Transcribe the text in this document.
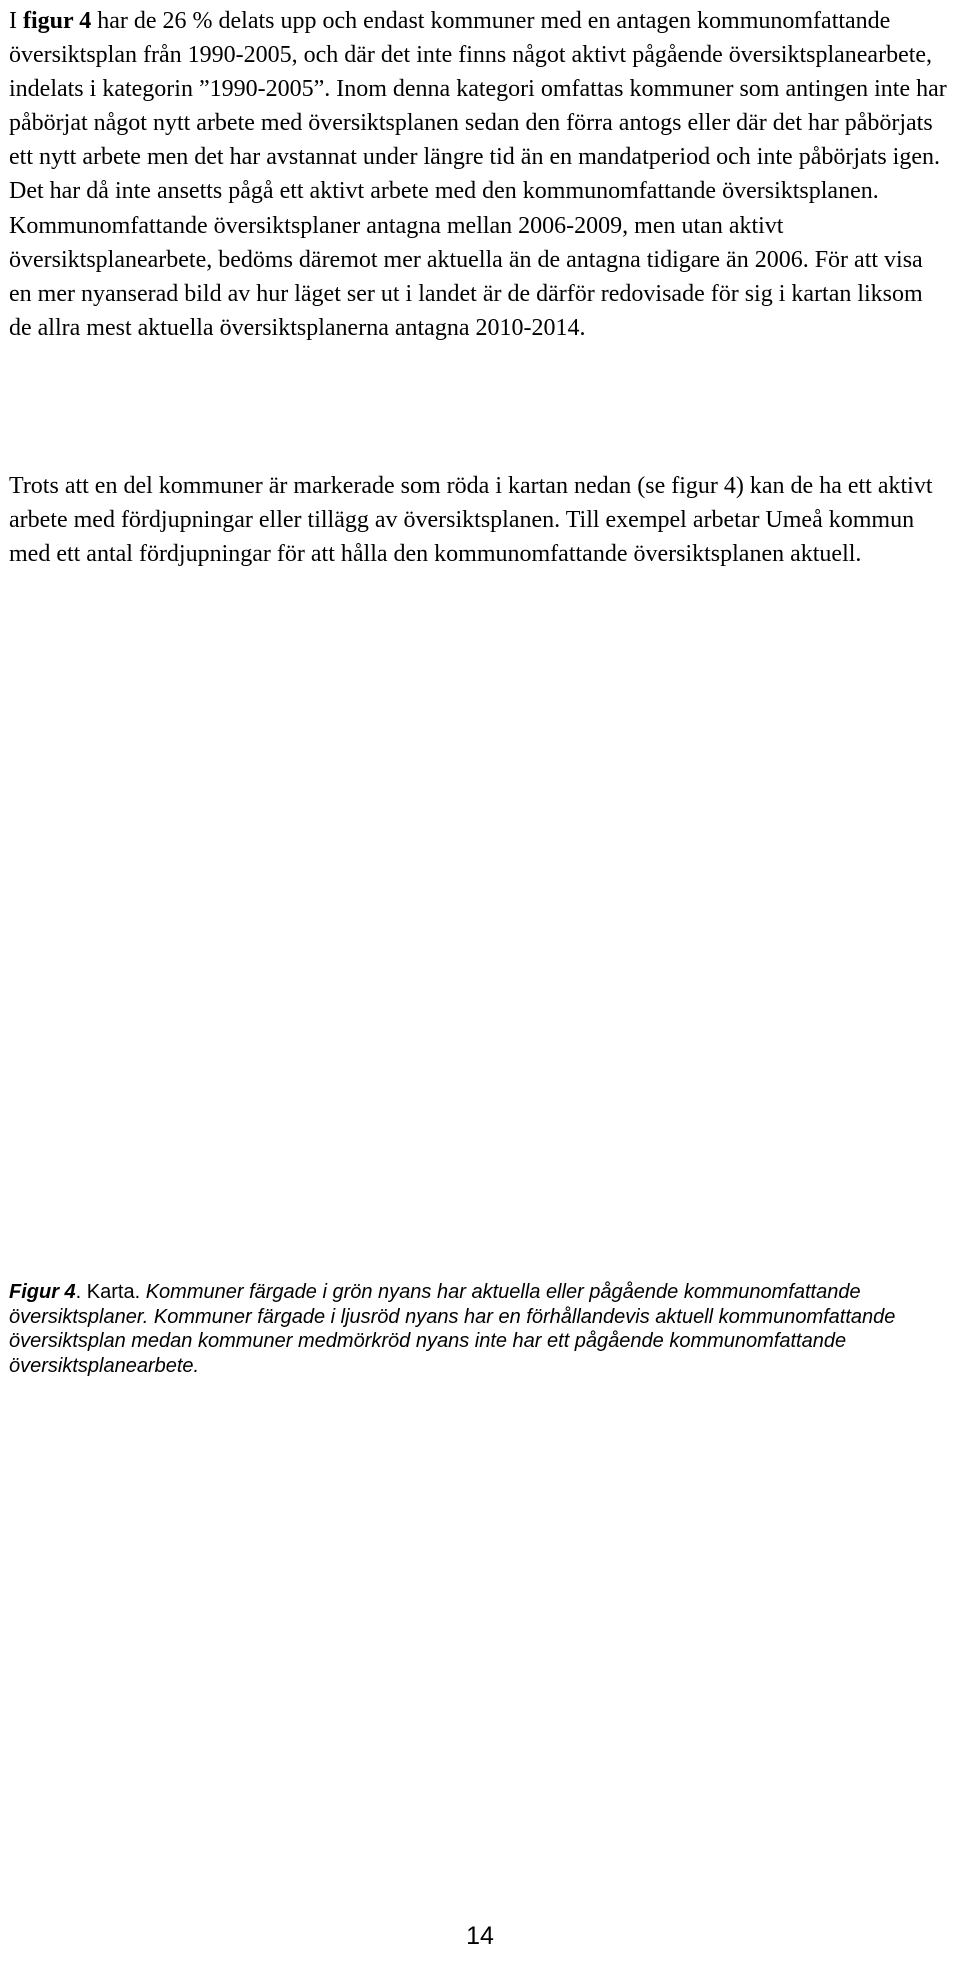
I figur 4 har de 26 % delats upp och endast kommuner med en antagen kommunomfattande översiktsplan från 1990-2005, och där det inte finns något aktivt pågående översiktsplanearbete, indelats i kategorin ”1990-2005”. Inom denna kategori omfattas kommuner som antingen inte har påbörjat något nytt arbete med översiktsplanen sedan den förra antogs eller där det har påbörjats ett nytt arbete men det har avstannat under längre tid än en mandatperiod och inte påbörjats igen. Det har då inte ansetts pågå ett aktivt arbete med den kommunomfattande översiktsplanen. Kommunomfattande översiktsplaner antagna mellan 2006-2009, men utan aktivt översiktsplanearbete, bedöms däremot mer aktuella än de antagna tidigare än 2006. För att visa en mer nyanserad bild av hur läget ser ut i landet är de därför redovisade för sig i kartan liksom de allra mest aktuella översiktsplanerna antagna 2010-2014.

Trots att en del kommuner är markerade som röda i kartan nedan (se figur 4) kan de ha ett aktivt arbete med fördjupningar eller tillägg av översiktsplanen. Till exempel arbetar Umeå kommun med ett antal fördjupningar för att hålla den kommunomfattande översiktsplanen aktuell.

Figur 4. Karta. Kommuner färgade i grön nyans har aktuella eller pågående kommunomfattande översiktsplaner. Kommuner färgade i ljusröd nyans har en förhållandevis aktuell kommunomfattande översiktsplan medan kommuner medmörkröd nyans inte har ett pågående kommunomfattande översiktsplanearbete.

14
